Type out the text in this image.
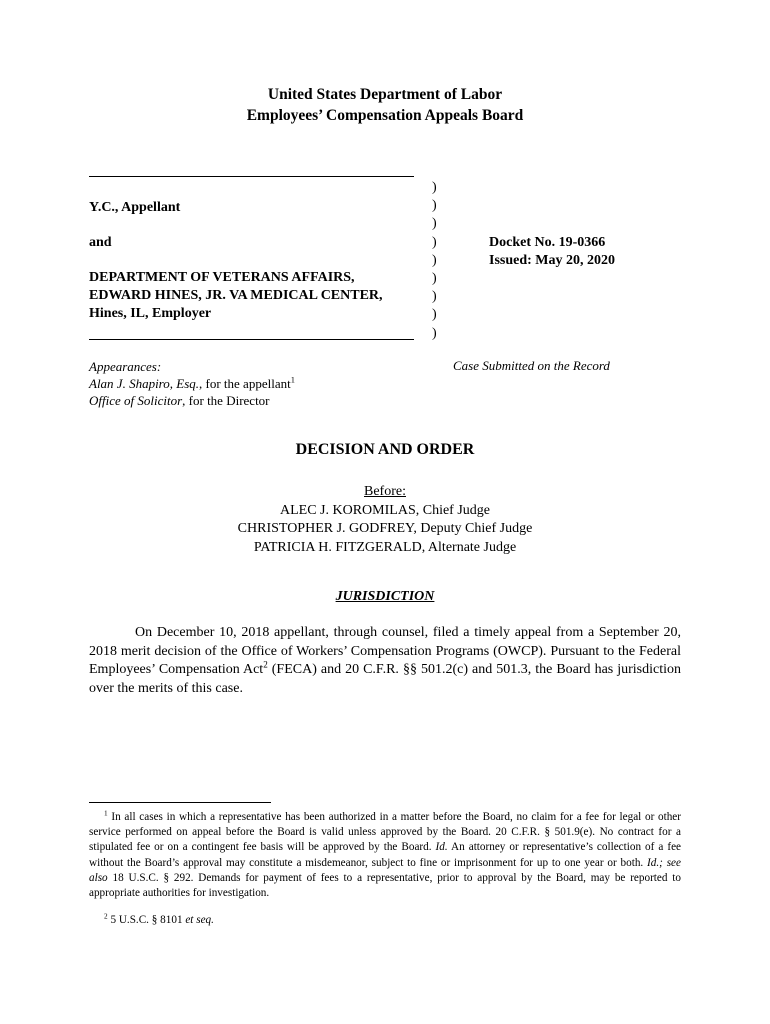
United States Department of Labor
Employees’ Compensation Appeals Board
Y.C., Appellant
and
DEPARTMENT OF VETERANS AFFAIRS,
EDWARD HINES, JR. VA MEDICAL CENTER,
Hines, IL, Employer
)
)
)
)
)
)
)
)
)
Docket No. 19-0366
Issued: May 20, 2020
Appearances:
Alan J. Shapiro, Esq., for the appellant$^1$
Office of Solicitor, for the Director
Case Submitted on the Record
DECISION AND ORDER
Before:
ALEC J. KOROMILAS, Chief Judge
CHRISTOPHER J. GODFREY, Deputy Chief Judge
PATRICIA H. FITZGERALD, Alternate Judge
JURISDICTION
On December 10, 2018 appellant, through counsel, filed a timely appeal from a September 20, 2018 merit decision of the Office of Workers’ Compensation Programs (OWCP). Pursuant to the Federal Employees’ Compensation Act$^2$ (FECA) and 20 C.F.R. §§ 501.2(c) and 501.3, the Board has jurisdiction over the merits of this case.
$^1$ In all cases in which a representative has been authorized in a matter before the Board, no claim for a fee for legal or other service performed on appeal before the Board is valid unless approved by the Board. 20 C.F.R. § 501.9(e). No contract for a stipulated fee or on a contingent fee basis will be approved by the Board. Id. An attorney or representative’s collection of a fee without the Board’s approval may constitute a misdemeanor, subject to fine or imprisonment for up to one year or both. Id.; see also 18 U.S.C. § 292. Demands for payment of fees to a representative, prior to approval by the Board, may be reported to appropriate authorities for investigation.
$^2$ 5 U.S.C. § 8101 et seq.
